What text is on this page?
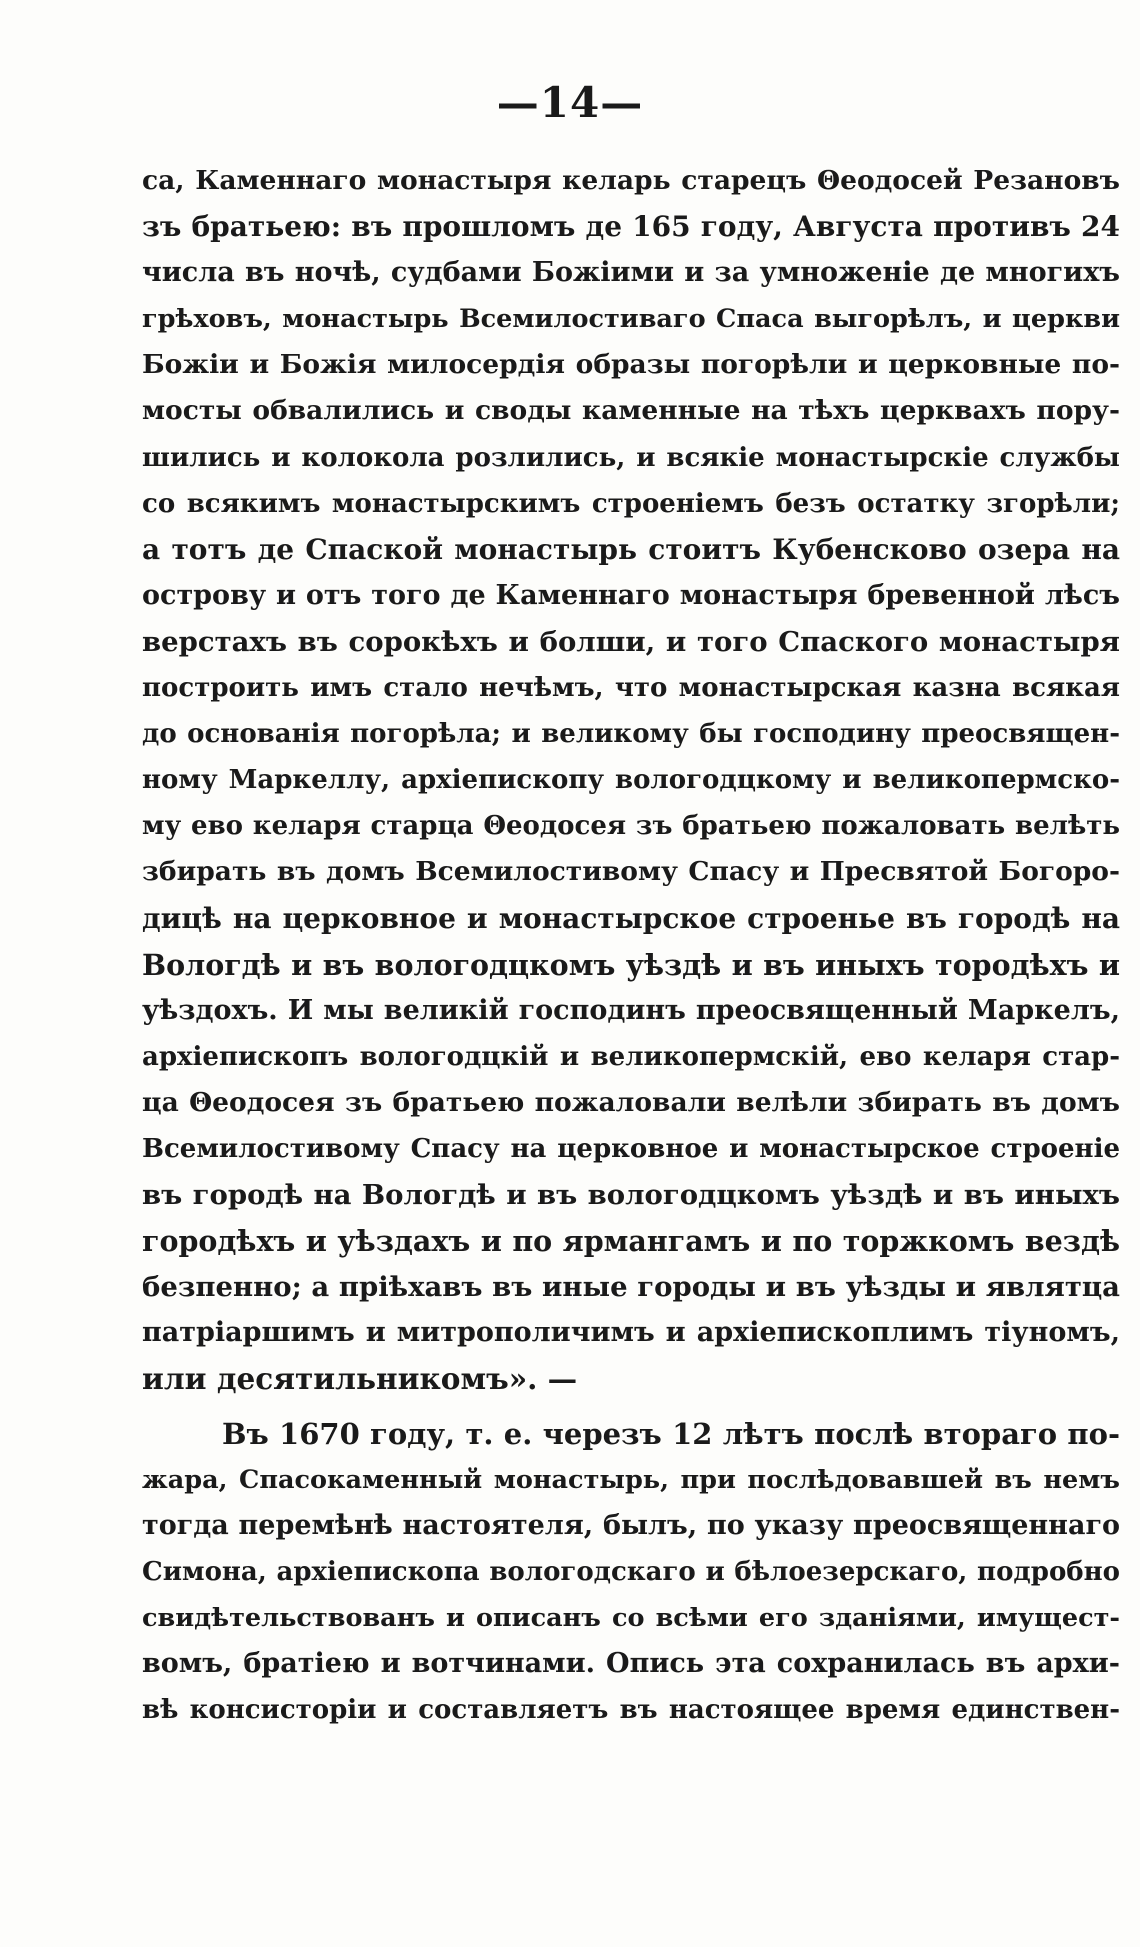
—14—
са, Каменнаго монастыря келарь старецъ Θеодосей Резановъ
зъ братьею: въ прошломъ де 165 году, Августа противъ 24
числа въ ночѣ, судбами Божіими и за умноженіе де многихъ
грѣховъ, монастырь Всемилостиваго Спаса выгорѣлъ, и церкви
Божіи и Божія милосердія образы погорѣли и церковные по-
мосты обвалились и своды каменные на тѣхъ церквахъ пору-
шились и колокола розлились, и всякіе монастырскіе службы
со всякимъ монастырскимъ строеніемъ безъ остатку згорѣли;
а тотъ де Спаской монастырь стоитъ Кубенсково озера на
острову и отъ того де Каменнаго монастыря бревенной лѣсъ
верстахъ въ сорокѣхъ и болши, и того Спаского монастыря
построить имъ стало нечѣмъ, что монастырская казна всякая
до основанія погорѣла; и великому бы господину преосвящен-
ному Маркеллу, архіепископу вологодцкому и великопермско-
му ево келаря старца Θеодосея зъ братьею пожаловать велѣть
збирать въ домъ Всемилостивому Спасу и Пресвятой Богоро-
дицѣ на церковное и монастырское строенье въ городѣ на
Вологдѣ и въ вологодцкомъ уѣздѣ и въ иныхъ тородѣхъ и
уѣздохъ. И мы великій господинъ преосвященный Маркелъ,
архіепископъ вологодцкій и великопермскій, ево келаря стар-
ца Θеодосея зъ братьею пожаловали велѣли збирать въ домъ
Всемилостивому Спасу на церковное и монастырское строеніе
въ городѣ на Вологдѣ и въ вологодцкомъ уѣздѣ и въ иныхъ
городѣхъ и уѣздахъ и по ярмангамъ и по торжкомъ вездѣ
безпенно; а пріѣхавъ въ иные городы и въ уѣзды и являтца
патріаршимъ и митрополичимъ и архіепископлимъ тіуномъ,
или десятильникомъ». —
Въ 1670 году, т. е. черезъ 12 лѣтъ послѣ втораго по-
жара, Спасокаменный монастырь, при послѣдовавшей въ немъ
тогда перемѣнѣ настоятеля, былъ, по указу преосвященнаго
Симона, архіепископа вологодскаго и бѣлоезерскаго, подробно
свидѣтельствованъ и описанъ со всѣми его зданіями, имущест-
вомъ, братіею и вотчинами. Опись эта сохранилась въ архи-
вѣ консисторіи и составляетъ въ настоящее время единствен-
